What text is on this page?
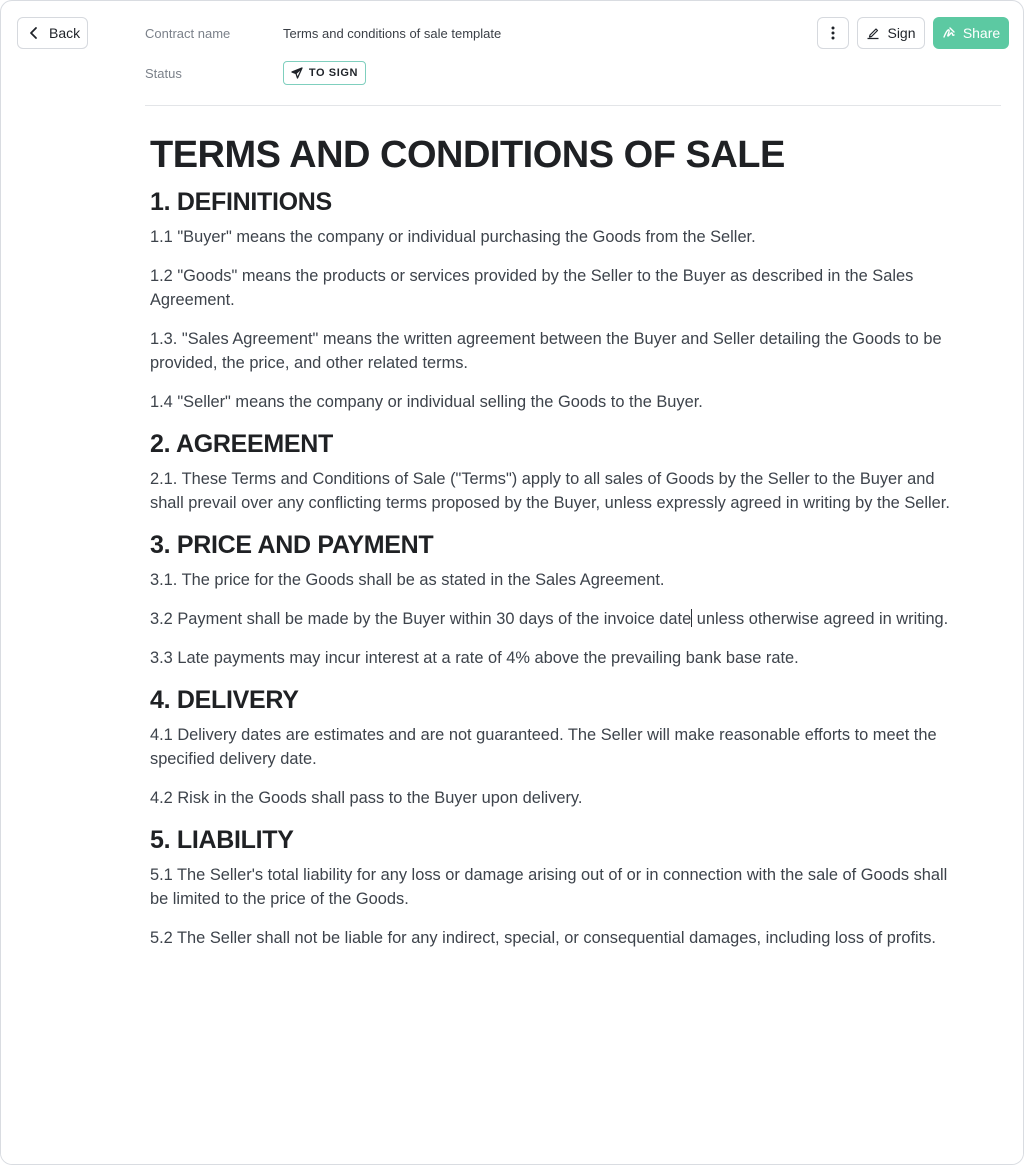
Back	Contract name	Terms and conditions of sale template
Status	TO SIGN
Sign	Share
TERMS AND CONDITIONS OF SALE
1. DEFINITIONS

1.1 "Buyer" means the company or individual purchasing the Goods from the Seller.

1.2 "Goods" means the products or services provided by the Seller to the Buyer as described in the Sales Agreement.

1.3. "Sales Agreement" means the written agreement between the Buyer and Seller detailing the Goods to be provided, the price, and other related terms.

1.4 "Seller" means the company or individual selling the Goods to the Buyer.

2. AGREEMENT

2.1. These Terms and Conditions of Sale ("Terms") apply to all sales of Goods by the Seller to the Buyer and shall prevail over any conflicting terms proposed by the Buyer, unless expressly agreed in writing by the Seller.

3. PRICE AND PAYMENT

3.1. The price for the Goods shall be as stated in the Sales Agreement.

3.2 Payment shall be made by the Buyer within 30 days of the invoice date unless otherwise agreed in writing.

3.3 Late payments may incur interest at a rate of 4% above the prevailing bank base rate.

4. DELIVERY

4.1 Delivery dates are estimates and are not guaranteed. The Seller will make reasonable efforts to meet the specified delivery date.

4.2 Risk in the Goods shall pass to the Buyer upon delivery.

5. LIABILITY

5.1 The Seller's total liability for any loss or damage arising out of or in connection with the sale of Goods shall be limited to the price of the Goods.

5.2 The Seller shall not be liable for any indirect, special, or consequential damages, including loss of profits.
